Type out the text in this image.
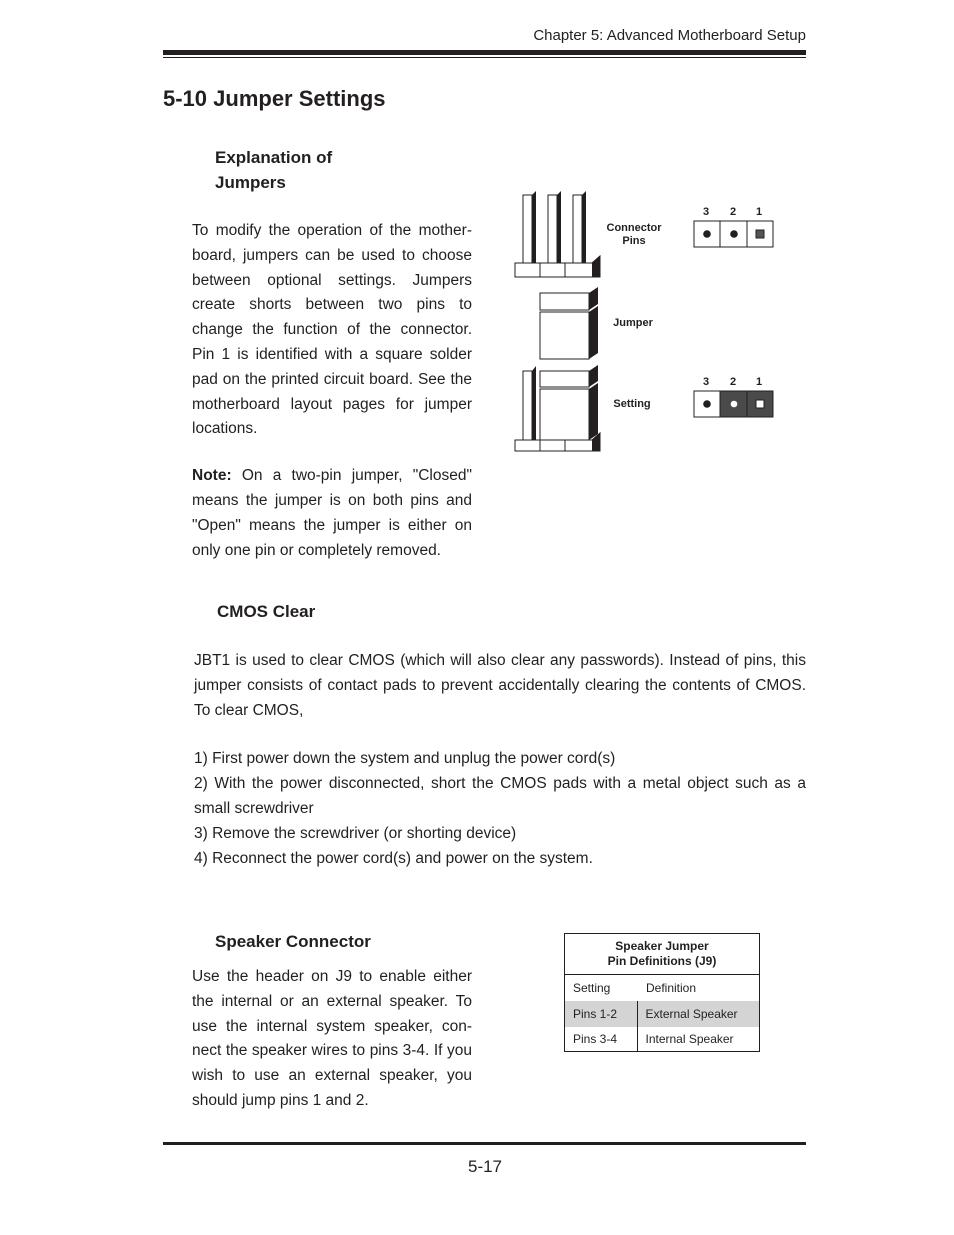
Chapter 5: Advanced Motherboard Setup
5-10 Jumper Settings
Explanation of
Jumpers

To modify the operation of the mother-board, jumpers can be used to choose between optional settings. Jumpers create shorts between two pins to change the function of the connector. Pin 1 is identified with a square solder pad on the printed circuit board. See the motherboard layout pages for jumper locations.

Note: On a two-pin jumper, "Closed" means the jumper is on both pins and "Open" means the jumper is either on only one pin or completely removed.

Connector
Pins
Jumper
Setting
3 2 1
3 2 1
CMOS Clear

JBT1 is used to clear CMOS (which will also clear any passwords). Instead of pins, this jumper consists of contact pads to prevent accidentally clearing the contents of CMOS. To clear CMOS,

1) First power down the system and unplug the power cord(s)
2) With the power disconnected, short the CMOS pads with a metal object such as a small screwdriver
3) Remove the screwdriver (or shorting device)
4) Reconnect the power cord(s) and power on the system.
Speaker Connector

Use the header on J9 to enable either the internal or an external speaker. To use the internal system speaker, con-nect the speaker wires to pins 3-4. If you wish to use an external speaker, you should jump pins 1 and 2.

Speaker Jumper
Pin Definitions (J9)	

Setting	Definition
Pins 1-2	External Speaker
Pins 3-4	Internal Speaker
5-17
